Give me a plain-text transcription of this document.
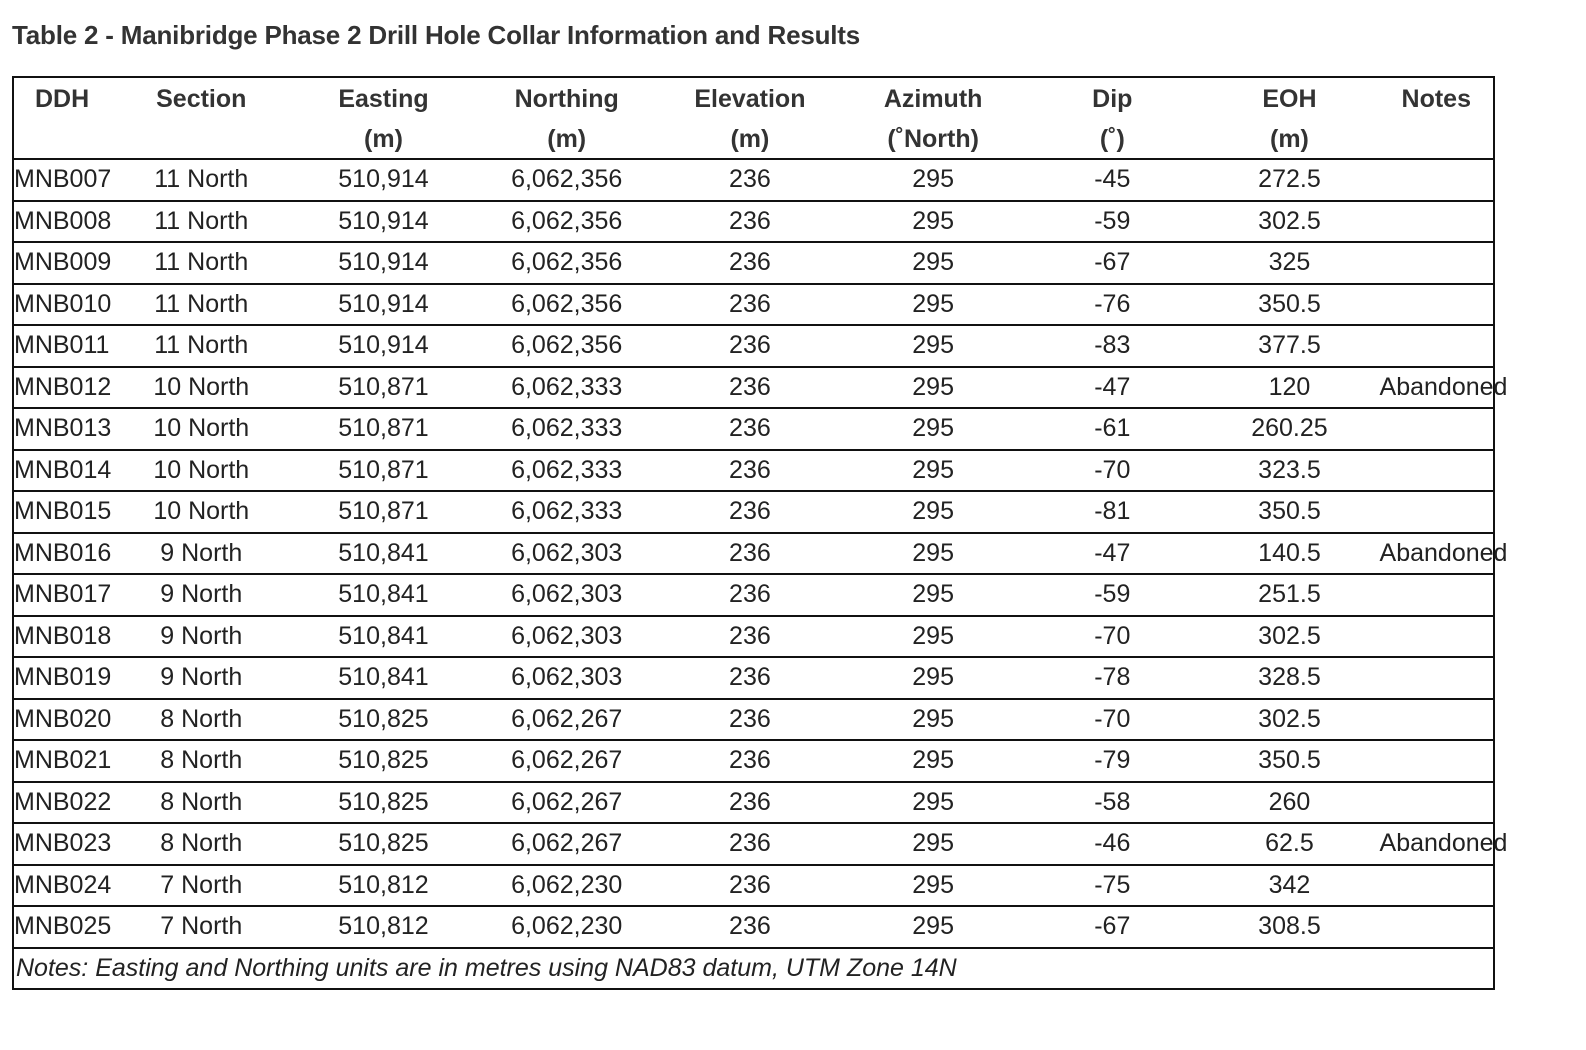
Table 2 - Manibridge Phase 2 Drill Hole Collar Information and Results
DDH	Section	Easting	Northing	Elevation	Azimuth	Dip	EOH	Notes
		(m)	(m)	(m)	(˚North)	(˚)	(m)	
MNB007	11 North	510,914	6,062,356	236	295	-45	272.5	
MNB008	11 North	510,914	6,062,356	236	295	-59	302.5	
MNB009	11 North	510,914	6,062,356	236	295	-67	325	
MNB010	11 North	510,914	6,062,356	236	295	-76	350.5	
MNB011	11 North	510,914	6,062,356	236	295	-83	377.5	
MNB012	10 North	510,871	6,062,333	236	295	-47	120	Abandoned
MNB013	10 North	510,871	6,062,333	236	295	-61	260.25	
MNB014	10 North	510,871	6,062,333	236	295	-70	323.5	
MNB015	10 North	510,871	6,062,333	236	295	-81	350.5	
MNB016	9 North	510,841	6,062,303	236	295	-47	140.5	Abandoned
MNB017	9 North	510,841	6,062,303	236	295	-59	251.5	
MNB018	9 North	510,841	6,062,303	236	295	-70	302.5	
MNB019	9 North	510,841	6,062,303	236	295	-78	328.5	
MNB020	8 North	510,825	6,062,267	236	295	-70	302.5	
MNB021	8 North	510,825	6,062,267	236	295	-79	350.5	
MNB022	8 North	510,825	6,062,267	236	295	-58	260	
MNB023	8 North	510,825	6,062,267	236	295	-46	62.5	Abandoned
MNB024	7 North	510,812	6,062,230	236	295	-75	342	
MNB025	7 North	510,812	6,062,230	236	295	-67	308.5	
Notes: Easting and Northing units are in metres using NAD83 datum, UTM Zone 14N								
